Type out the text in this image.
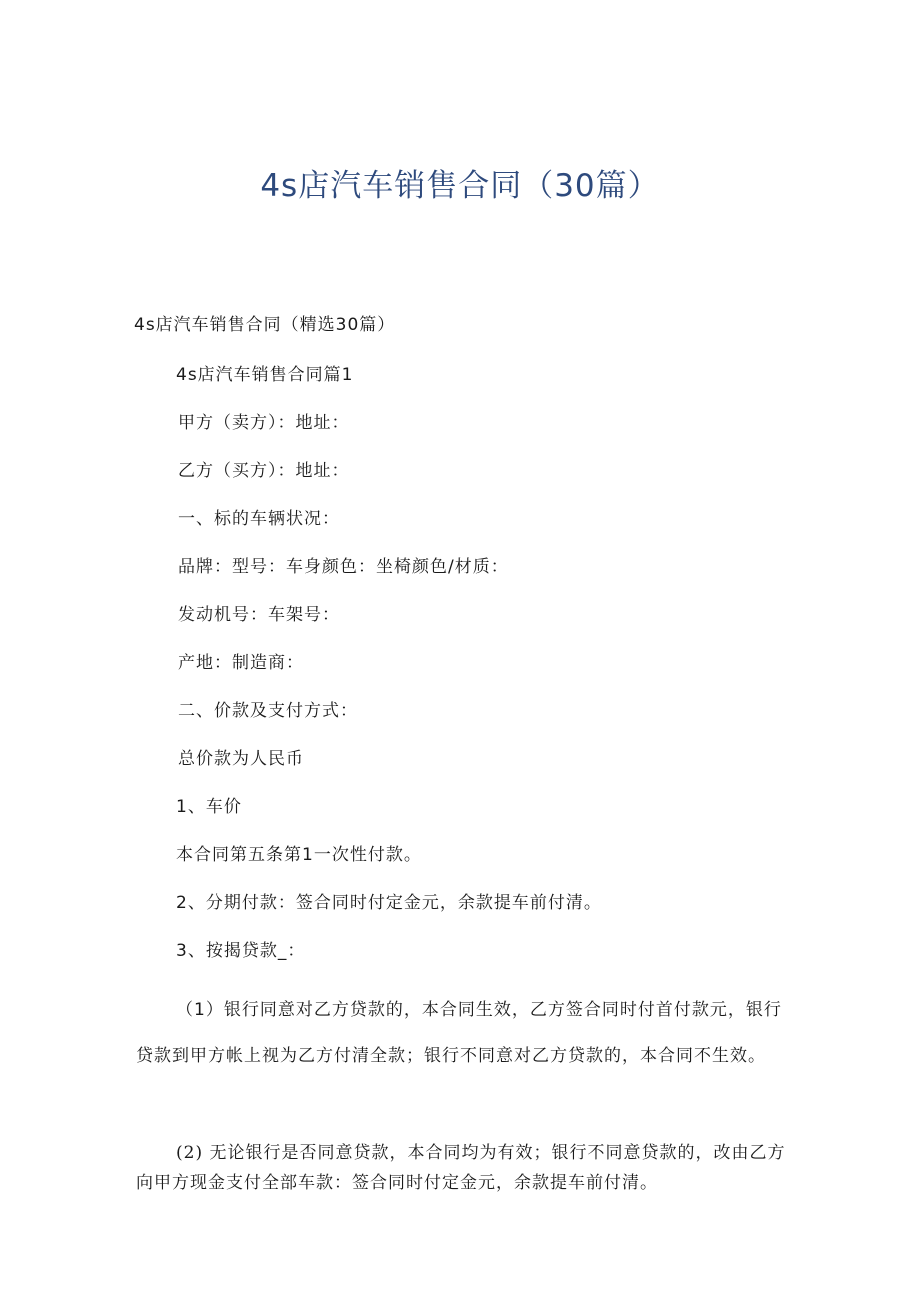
4s店汽车销售合同（30篇）

4s店汽车销售合同（精选30篇）

4s店汽车销售合同篇1

甲方（卖方）：地址：

乙方（买方）：地址：

一、标的车辆状况：

品牌：型号：车身颜色：坐椅颜色/材质：

发动机号：车架号：

产地：制造商：

二、价款及支付方式：

总价款为人民币

1、车价

本合同第五条第1一次性付款。

2、分期付款：签合同时付定金元，余款提车前付清。

3、按揭贷款_：

（1）银行同意对乙方贷款的，本合同生效，乙方签合同时付首付款元，银行贷款到甲方帐上视为乙方付清全款；银行不同意对乙方贷款的，本合同不生效。

(2) 无论银行是否同意贷款，本合同均为有效；银行不同意贷款的，改由乙方向甲方现金支付全部车款：签合同时付定金元，余款提车前付清。
